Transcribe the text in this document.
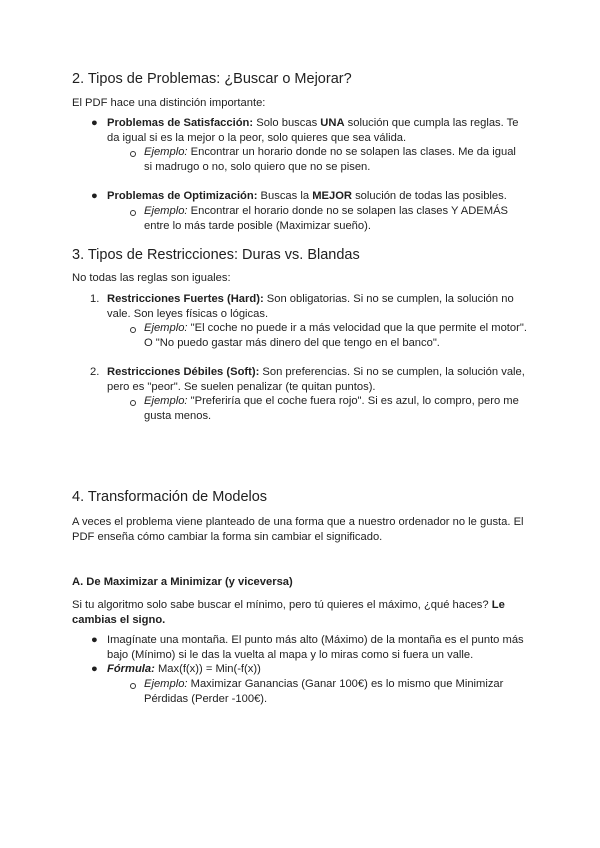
2. Tipos de Problemas: ¿Buscar o Mejorar?

El PDF hace una distinción importante:

● Problemas de Satisfacción: Solo buscas UNA solución que cumpla las reglas. Te da igual si es la mejor o la peor, solo quieres que sea válida.
Ejemplo: Encontrar un horario donde no se solapen las clases. Me da igual si madrugo o no, solo quiero que no se pisen.
● Problemas de Optimización: Buscas la MEJOR solución de todas las posibles.
Ejemplo: Encontrar el horario donde no se solapen las clases Y ADEMÁS entre lo más tarde posible (Maximizar sueño).
3. Tipos de Restricciones: Duras vs. Blandas

No todas las reglas son iguales:

1. Restricciones Fuertes (Hard): Son obligatorias. Si no se cumplen, la solución no vale. Son leyes físicas o lógicas.
Ejemplo: "El coche no puede ir a más velocidad que la que permite el motor". O "No puedo gastar más dinero del que tengo en el banco".
2. Restricciones Débiles (Soft): Son preferencias. Si no se cumplen, la solución vale, pero es "peor". Se suelen penalizar (te quitan puntos).
Ejemplo: "Preferiría que el coche fuera rojo". Si es azul, lo compro, pero me gusta menos.
4. Transformación de Modelos

A veces el problema viene planteado de una forma que a nuestro ordenador no le gusta. El PDF enseña cómo cambiar la forma sin cambiar el significado.

A. De Maximizar a Minimizar (y viceversa)

Si tu algoritmo solo sabe buscar el mínimo, pero tú quieres el máximo, ¿qué haces? Le cambias el signo.

● Imagínate una montaña. El punto más alto (Máximo) de la montaña es el punto más bajo (Mínimo) si le das la vuelta al mapa y lo miras como si fuera un valle.
● Fórmula: Max(f(x)) = Min(-f(x))
Ejemplo: Maximizar Ganancias (Ganar 100€) es lo mismo que Minimizar Pérdidas (Perder -100€).
